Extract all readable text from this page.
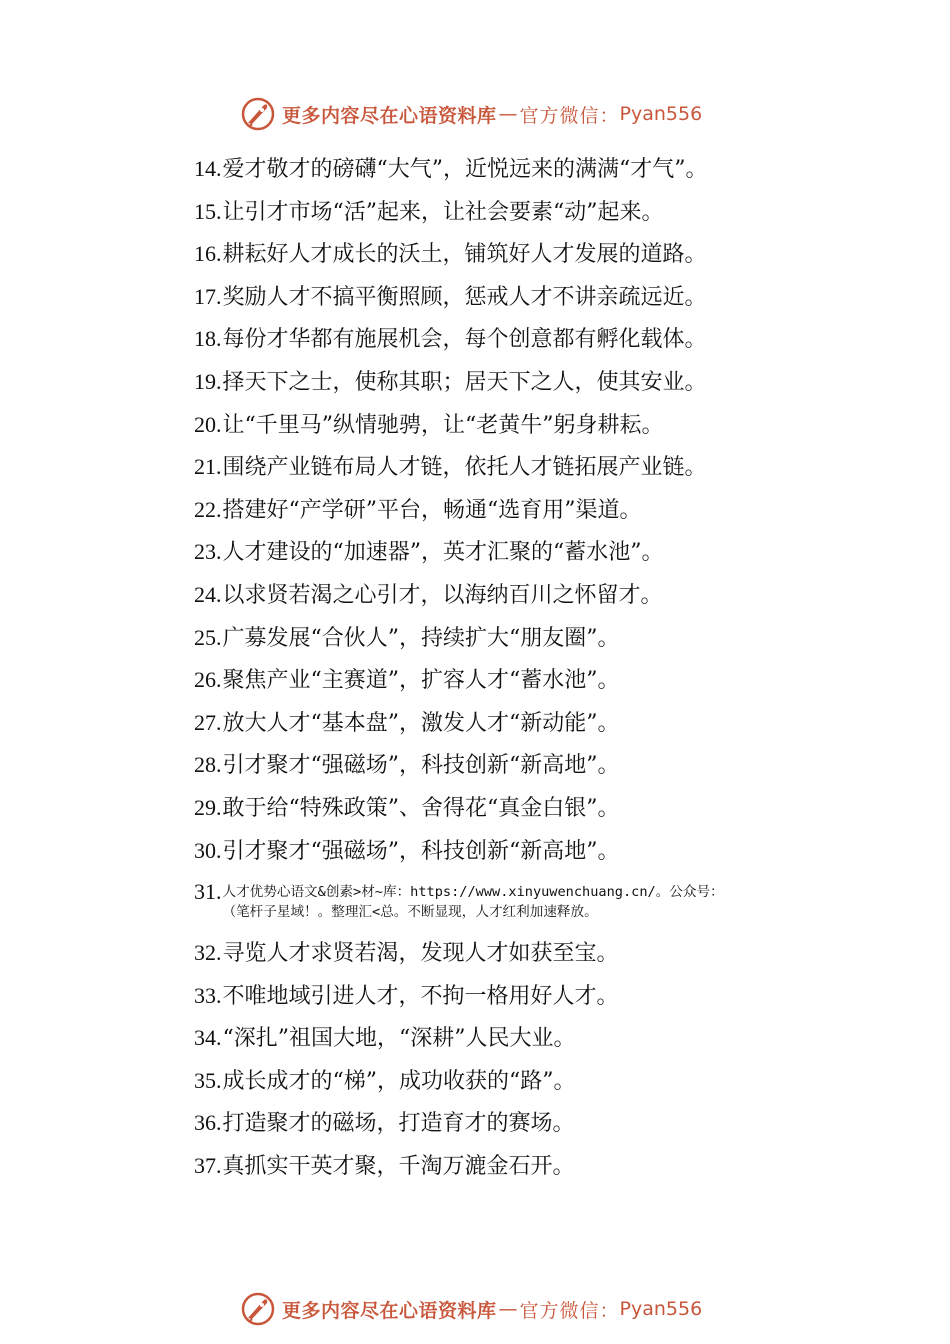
更多内容尽在心语资料库 — 官方微信： Pyan556
14.爱才敬才的磅礴“大气”，近悦远来的满满“才气”。
15.让引才市场“活”起来，让社会要素“动”起来。
16.耕耘好人才成长的沃土，铺筑好人才发展的道路。
17.奖励人才不搞平衡照顾，惩戒人才不讲亲疏远近。
18.每份才华都有施展机会，每个创意都有孵化载体。
19.择天下之士，使称其职；居天下之人，使其安业。
20.让“千里马”纵情驰骋，让“老黄牛”躬身耕耘。
21.围绕产业链布局人才链，依托人才链拓展产业链。
22.搭建好“产学研”平台，畅通“选育用”渠道。
23.人才建设的“加速器”，英才汇聚的“蓄水池”。
24.以求贤若渴之心引才，以海纳百川之怀留才。
25.广募发展“合伙人”，持续扩大“朋友圈”。
26.聚焦产业“主赛道”，扩容人才“蓄水池”。
27.放大人才“基本盘”，激发人才“新动能”。
28.引才聚才“强磁场”，科技创新“新高地”。
29.敢于给“特殊政策”、舍得花“真金白银”。
30.引才聚才“强磁场”，科技创新“新高地”。
31. 人才优势心语文&创素>材~库：https://www.xinyuwenchuang.cn/。公众号：
（笔杆子星域！。整理汇<总。不断显现，人才红利加速释放。
32.寻览人才求贤若渴，发现人才如获至宝。
33.不唯地域引进人才，不拘一格用好人才。
34.“深扎”祖国大地，“深耕”人民大业。
35.成长成才的“梯”，成功收获的“路”。
36.打造聚才的磁场，打造育才的赛场。
37.真抓实干英才聚，千淘万漉金石开。
更多内容尽在心语资料库 — 官方微信： Pyan556
